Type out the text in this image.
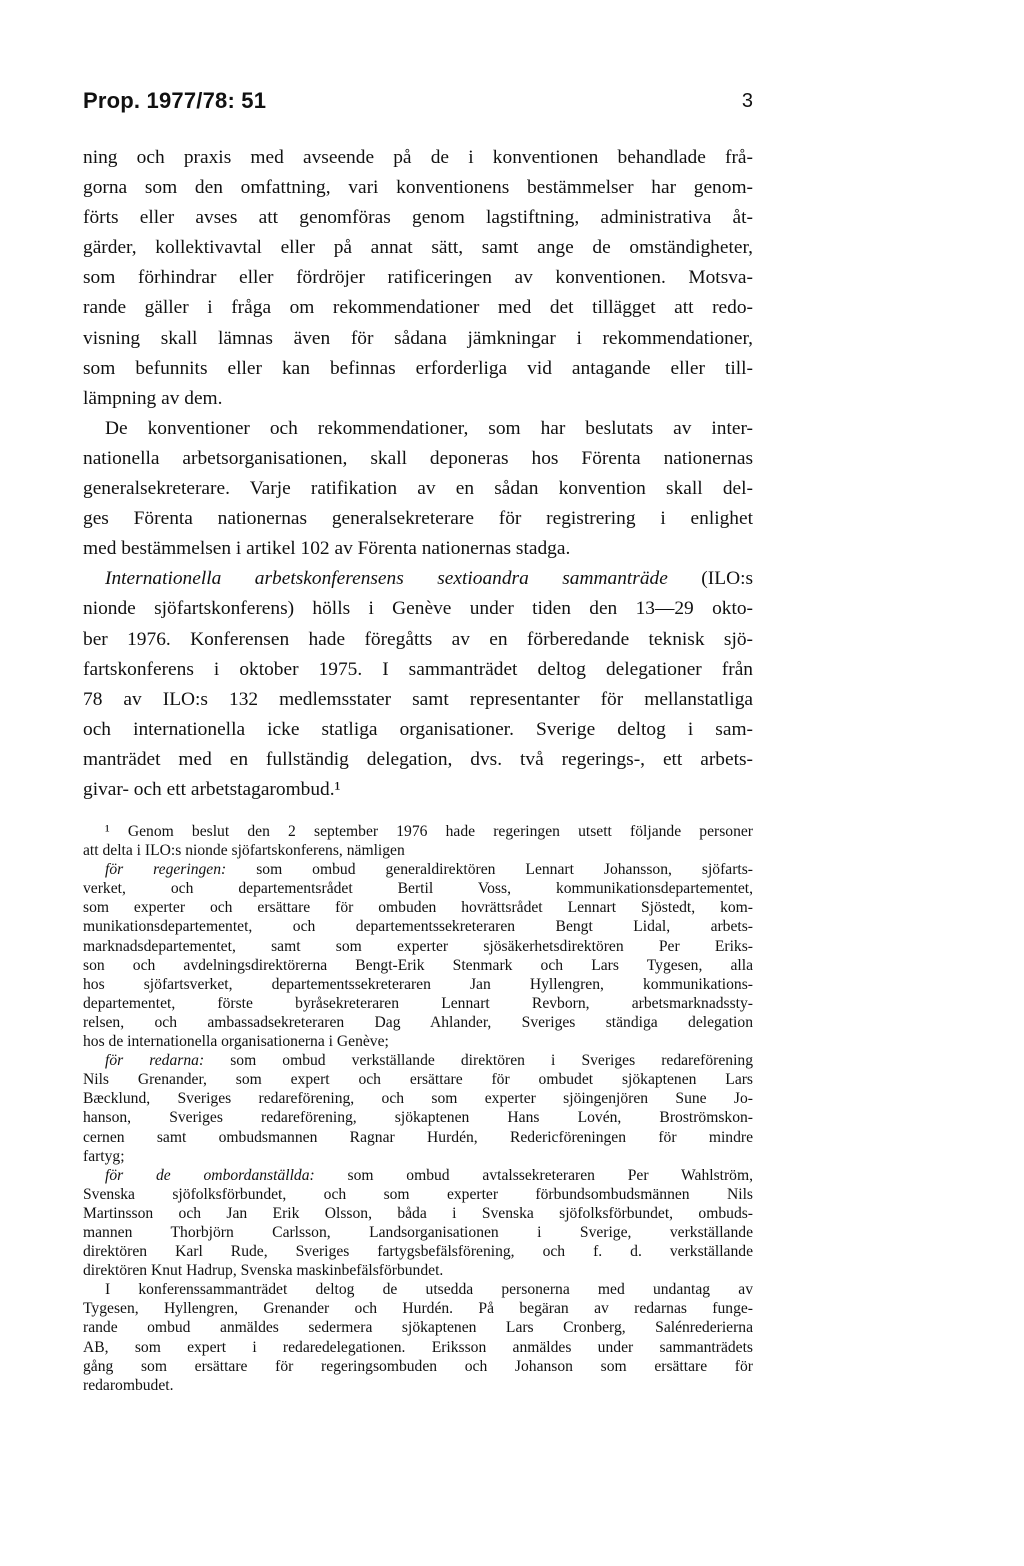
Prop. 1977/78: 51	3
ning och praxis med avseende på de i konventionen behandlade frå-
gorna som den omfattning, vari konventionens bestämmelser har genom-
förts eller avses att genomföras genom lagstiftning, administrativa åt-
gärder, kollektivavtal eller på annat sätt, samt ange de omständigheter,
som förhindrar eller fördröjer ratificeringen av konventionen. Motsva-
rande gäller i fråga om rekommendationer med det tillägget att redo-
visning skall lämnas även för sådana jämkningar i rekommendationer,
som befunnits eller kan befinnas erforderliga vid antagande eller till-
lämpning av dem.
De konventioner och rekommendationer, som har beslutats av inter-
nationella arbetsorganisationen, skall deponeras hos Förenta nationernas
generalsekreterare. Varje ratifikation av en sådan konvention skall del-
ges Förenta nationernas generalsekreterare för registrering i enlighet
med bestämmelsen i artikel 102 av Förenta nationernas stadga.
Internationella arbetskonferensens sextioandra sammanträde (ILO:s
nionde sjöfartskonferens) hölls i Genève under tiden den 13—29 okto-
ber 1976. Konferensen hade föregåtts av en förberedande teknisk sjö-
fartskonferens i oktober 1975. I sammanträdet deltog delegationer från
78 av ILO:s 132 medlemsstater samt representanter för mellanstatliga
och internationella icke statliga organisationer. Sverige deltog i sam-
manträdet med en fullständig delegation, dvs. två regerings-, ett arbets-
givar- och ett arbetstagarombud.¹
¹ Genom beslut den 2 september 1976 hade regeringen utsett följande personer
att delta i ILO:s nionde sjöfartskonferens, nämligen
för regeringen: som ombud generaldirektören Lennart Johansson, sjöfarts-
verket, och departementsrådet Bertil Voss, kommunikationsdepartementet,
som experter och ersättare för ombuden hovrättsrådet Lennart Sjöstedt, kom-
munikationsdepartementet, och departementssekreteraren Bengt Lidal, arbets-
marknadsdepartementet, samt som experter sjösäkerhetsdirektören Per Eriks-
son och avdelningsdirektörerna Bengt-Erik Stenmark och Lars Tygesen, alla
hos sjöfartsverket, departementssekreteraren Jan Hyllengren, kommunikations-
departementet, förste byråsekreteraren Lennart Revborn, arbetsmarknadssty-
relsen, och ambassadsekreteraren Dag Ahlander, Sveriges ständiga delegation
hos de internationella organisationerna i Genève;
för redarna: som ombud verkställande direktören i Sveriges redareförening
Nils Grenander, som expert och ersättare för ombudet sjökaptenen Lars
Bæcklund, Sveriges redareförening, och som experter sjöingenjören Sune Jo-
hanson, Sveriges redareförening, sjökaptenen Hans Lovén, Broströmskon-
cernen samt ombudsmannen Ragnar Hurdén, Redericföreningen för mindre
fartyg;
för de ombordanställda: som ombud avtalssekreteraren Per Wahlström,
Svenska sjöfolksförbundet, och som experter förbundsombudsmännen Nils
Martinsson och Jan Erik Olsson, båda i Svenska sjöfolksförbundet, ombuds-
mannen Thorbjörn Carlsson, Landsorganisationen i Sverige, verkställande
direktören Karl Rude, Sveriges fartygsbefälsförening, och f. d. verkställande
direktören Knut Hadrup, Svenska maskinbefälsförbundet.
I konferenssammanträdet deltog de utsedda personerna med undantag av
Tygesen, Hyllengren, Grenander och Hurdén. På begäran av redarnas funge-
rande ombud anmäldes sedermera sjökaptenen Lars Cronberg, Salénrederierna
AB, som expert i redaredelegationen. Eriksson anmäldes under sammanträdets
gång som ersättare för regeringsombuden och Johanson som ersättare för
redarombudet.
